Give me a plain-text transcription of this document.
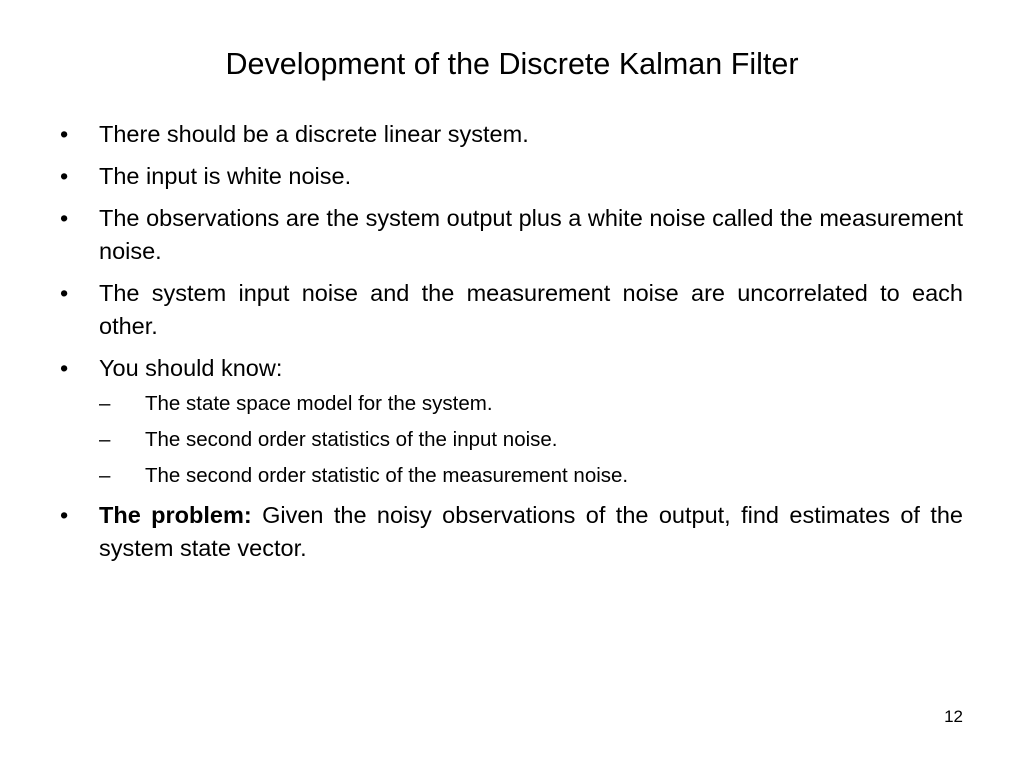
Development of the Discrete Kalman Filter
• There should be a discrete linear system.
• The input is white noise.
• The observations are the system output plus a white noise called the measurement noise.
• The system input noise and the measurement noise are uncorrelated to each other.
• You should know:
– The state space model for the system.
– The second order statistics of the input noise.
– The second order statistic of the measurement noise.
• The problem: Given the noisy observations of the output, find estimates of the system state vector.
12
